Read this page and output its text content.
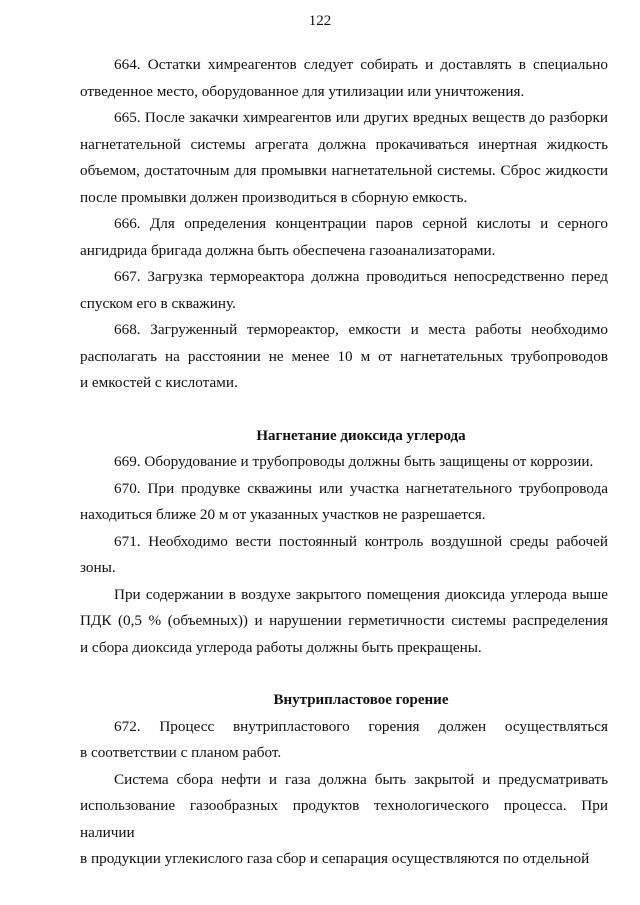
122
664. Остатки химреагентов следует собирать и доставлять в специально
отведенное место, оборудованное для утилизации или уничтожения.
665. После закачки химреагентов или других вредных веществ до разборки
нагнетательной системы агрегата должна прокачиваться инертная жидкость
объемом, достаточным для промывки нагнетательной системы. Сброс жидкости
после промывки должен производиться в сборную емкость.
666. Для определения концентрации паров серной кислоты и серного
ангидрида бригада должна быть обеспечена газоанализаторами.
667. Загрузка термореактора должна проводиться непосредственно перед
спуском его в скважину.
668. Загруженный термореактор, емкости и места работы необходимо
располагать на расстоянии не менее 10 м от нагнетательных трубопроводов
и емкостей с кислотами.
Нагнетание диоксида углерода
669. Оборудование и трубопроводы должны быть защищены от коррозии.
670. При продувке скважины или участка нагнетательного трубопровода
находиться ближе 20 м от указанных участков не разрешается.
671. Необходимо вести постоянный контроль воздушной среды рабочей
зоны.
При содержании в воздухе закрытого помещения диоксида углерода выше
ПДК (0,5 % (объемных)) и нарушении герметичности системы распределения
и сбора диоксида углерода работы должны быть прекращены.
Внутрипластовое горение
672. Процесс внутрипластового горения должен осуществляться
в соответствии с планом работ.
Система сбора нефти и газа должна быть закрытой и предусматривать
использование газообразных продуктов технологического процесса. При наличии
в продукции углекислого газа сбор и сепарация осуществляются по отдельной
